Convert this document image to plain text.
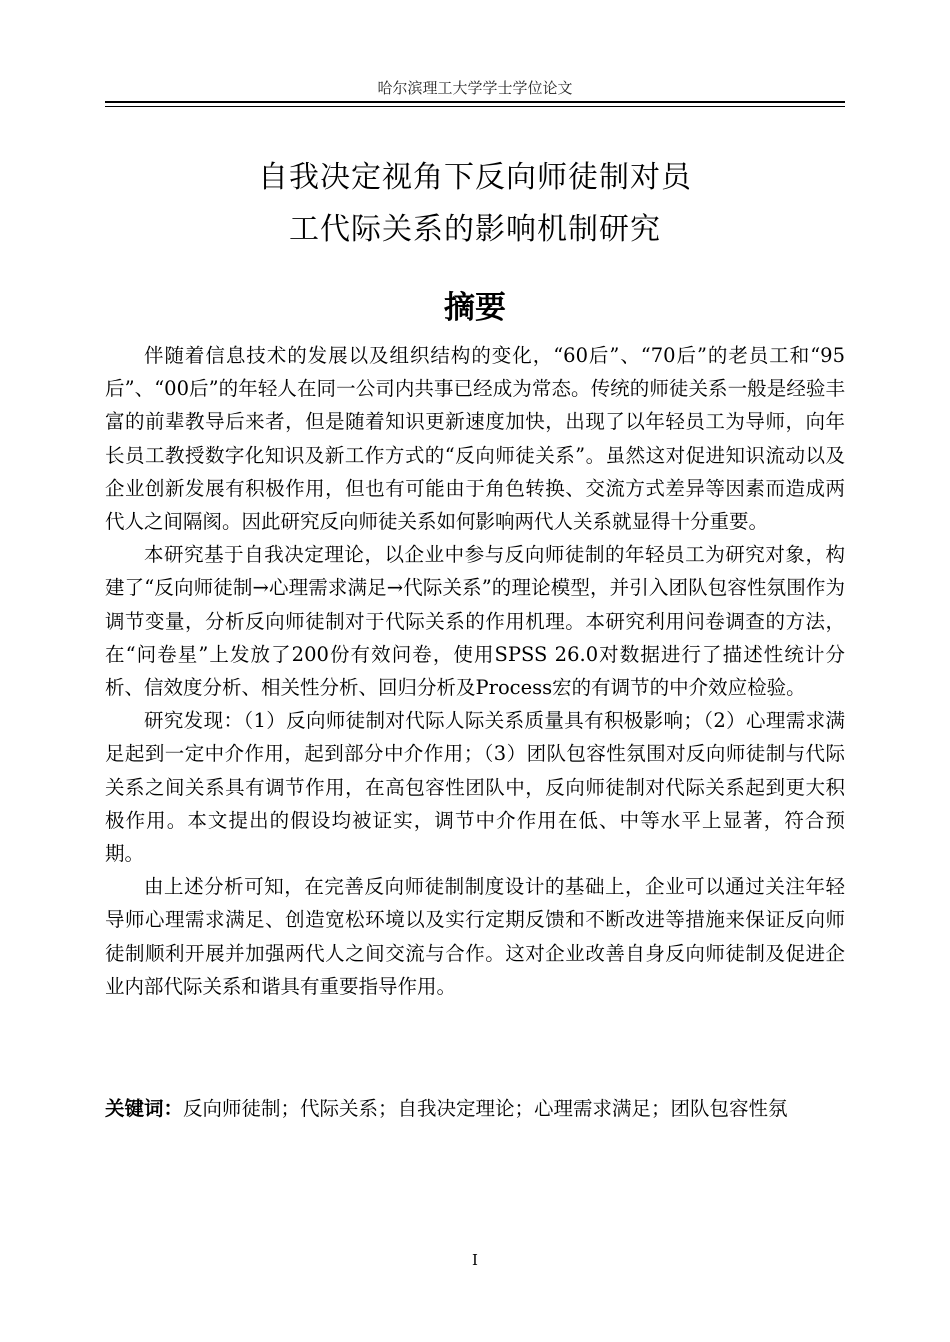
哈尔滨理工大学学士学位论文
自我决定视角下反向师徒制对员
工代际关系的影响机制研究
摘要

伴随着信息技术的发展以及组织结构的变化，“60后”、“70后”的老员工和“95后”、“00后”的年轻人在同一公司内共事已经成为常态。传统的师徒关系一般是经验丰富的前辈教导后来者，但是随着知识更新速度加快，出现了以年轻员工为导师，向年长员工教授数字化知识及新工作方式的“反向师徒关系”。虽然这对促进知识流动以及企业创新发展有积极作用，但也有可能由于角色转换、交流方式差异等因素而造成两代人之间隔阂。因此研究反向师徒关系如何影响两代人关系就显得十分重要。

本研究基于自我决定理论，以企业中参与反向师徒制的年轻员工为研究对象，构建了“反向师徒制→心理需求满足→代际关系”的理论模型，并引入团队包容性氛围作为调节变量，分析反向师徒制对于代际关系的作用机理。本研究利用问卷调查的方法，在“问卷星”上发放了200份有效问卷，使用SPSS 26.0对数据进行了描述性统计分析、信效度分析、相关性分析、回归分析及Process宏的有调节的中介效应检验。

研究发现：（1）反向师徒制对代际人际关系质量具有积极影响；（2）心理需求满足起到一定中介作用，起到部分中介作用；（3）团队包容性氛围对反向师徒制与代际关系之间关系具有调节作用，在高包容性团队中，反向师徒制对代际关系起到更大积极作用。本文提出的假设均被证实，调节中介作用在低、中等水平上显著，符合预期。

由上述分析可知，在完善反向师徒制制度设计的基础上，企业可以通过关注年轻导师心理需求满足、创造宽松环境以及实行定期反馈和不断改进等措施来保证反向师徒制顺利开展并加强两代人之间交流与合作。这对企业改善自身反向师徒制及促进企业内部代际关系和谐具有重要指导作用。

关键词：反向师徒制；代际关系；自我决定理论；心理需求满足；团队包容性氛
I
